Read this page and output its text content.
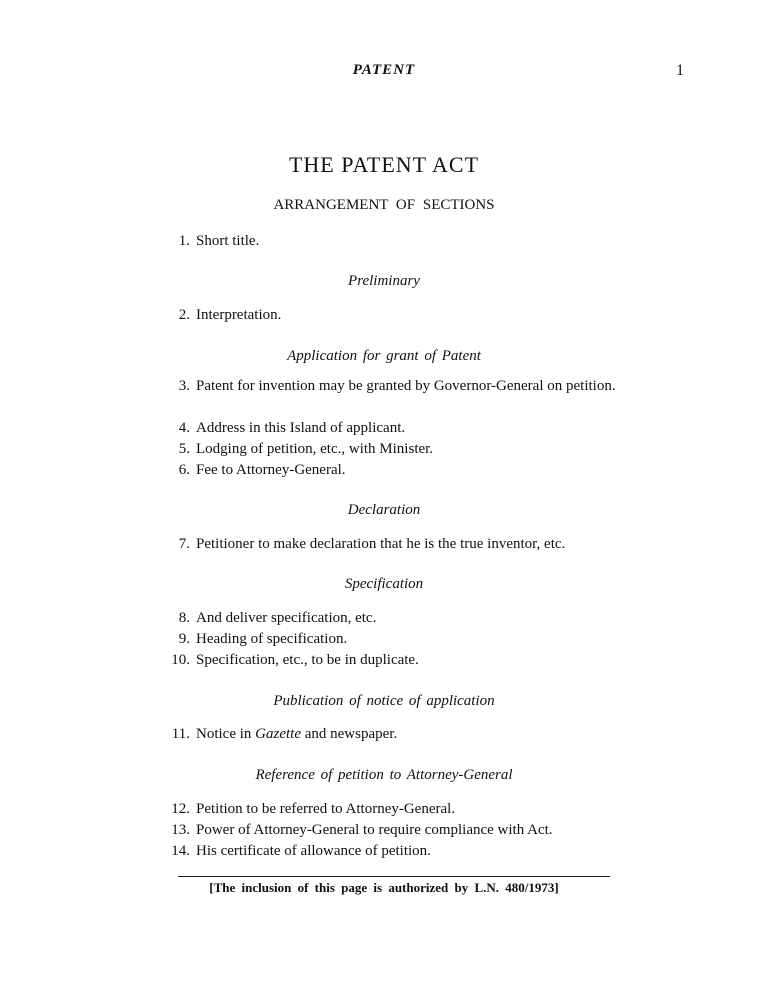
PATENT	1
THE PATENT ACT
ARRANGEMENT OF SECTIONS
1. Short title.
Preliminary
2. Interpretation.
Application for grant of Patent
3. Patent for invention may be granted by Governor-General on petition.
4. Address in this Island of applicant.
5. Lodging of petition, etc., with Minister.
6. Fee to Attorney-General.
Declaration
7. Petitioner to make declaration that he is the true inventor, etc.
Specification
8. And deliver specification, etc.
9. Heading of specification.
10. Specification, etc., to be in duplicate.
Publication of notice of application
11. Notice in Gazette and newspaper.
Reference of petition to Attorney-General
12. Petition to be referred to Attorney-General.
13. Power of Attorney-General to require compliance with Act.
14. His certificate of allowance of petition.
[The inclusion of this page is authorized by L.N. 480/1973]
